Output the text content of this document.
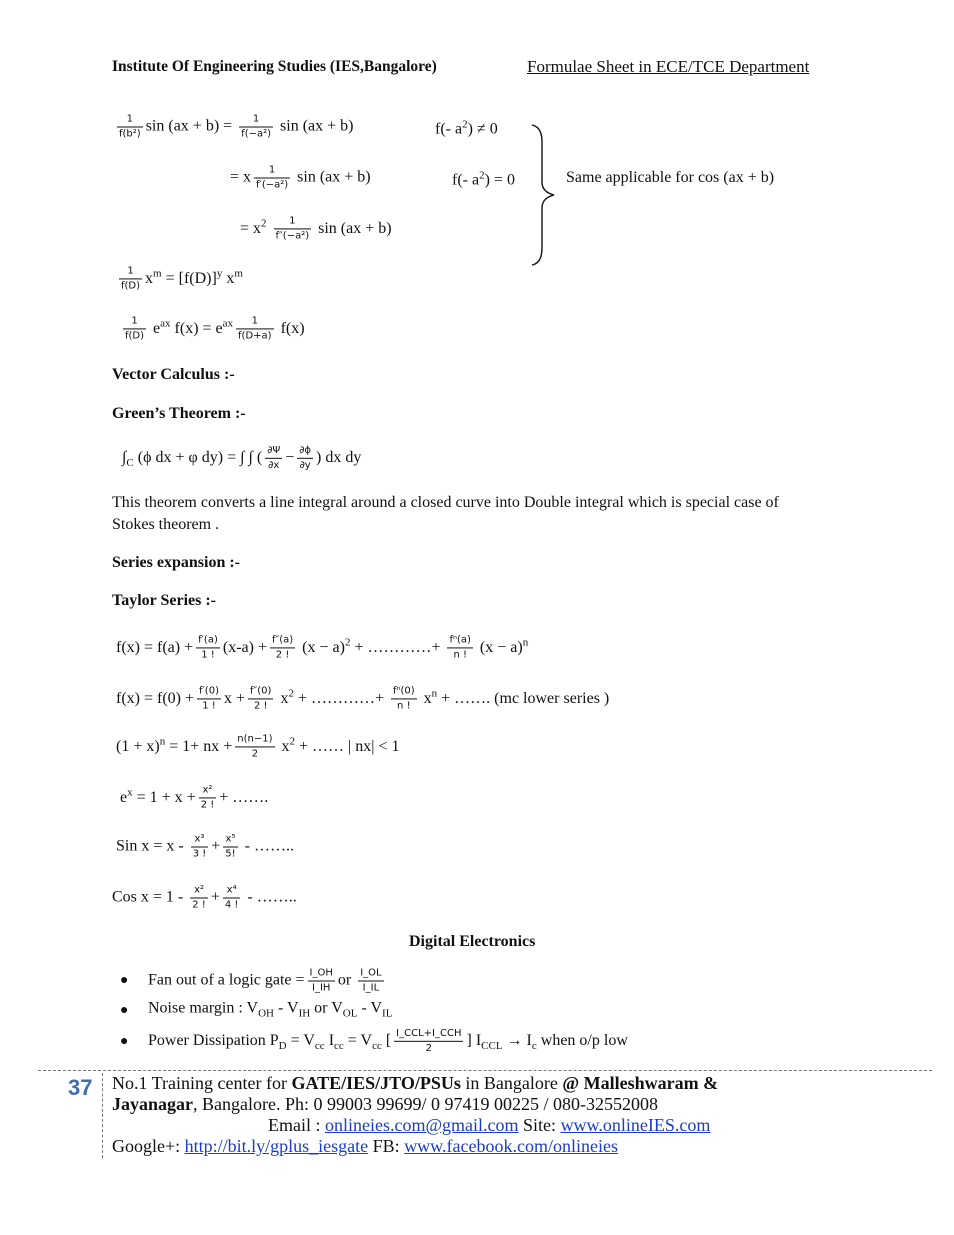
Institute Of Engineering Studies (IES,Bangalore)	Formulae Sheet in ECE/TCE Department
$\frac{1}{\text{f(b²)}}$ $\sin (ax + b) = \frac{1}{\text{f(−a²)}}$ sin (ax + b)	f(- $a^2) \ne 0$
= x $\frac{1}{\text{f′(−a²)}}$ sin (ax + b)	f(- $a^2) = 0$
= $x^2 \frac{1}{\text{f″(−a²)}}$ sin (ax + b)
Same applicable for cos (ax + b)
$\frac{1}{f(D)} x^m = [f(D)]^y$ $x^m$
$\frac{1}{f(D)} e^{ax}$ $f(x) = e^{ax} \frac{1}{f(D+a)} f(x)$
Vector Calculus :-
Green’s Theorem :-
$\int_C$ (ϕ dx + φ dy) = ∫ ∫ ( $\frac{\partial\Psi}{\partial x} - \frac{\partial\phi}{\partial y}$ ) dx dy
This theorem converts a line integral around a closed curve into Double integral which is special case of
Stokes theorem .
Series expansion :-
Taylor Series :-
$f(x) = f(a) + \frac{f'(a)}{1 !} (x-a) + \frac{f''(a)}{2 !} (x - a)^2$ + …………+ $\frac{\text{fⁿ(a)}}{n !} (x - a)^n$
$f(x) = f(0) + \frac{f'(0)}{1 !}$ $x + \frac{f''(0)}{2 !} x^2$ + …………+ $\frac{\text{fⁿ(0)}}{n !} x^n$ + ……. (mc lower series )
$(1 + x)^n = 1+$ nx + $\frac{n(n-1)}{2} x^2$ + …… | nx| < 1
$e^x = 1 + x + \frac{\text{x²}}{2 !}$ + …….
Sin $x = x - \frac{\text{x³}}{3 !} + \frac{\text{x⁵}}{5!}$ - ……..
Cos $x = 1 - \frac{\text{x²}}{2 !} + \frac{\text{x⁴}}{4 !}$ - ……..
Digital Electronics
● Fan out of a logic gate = $\frac{I\_OH}{I\_IH}$ or $\frac{I\_OL}{I\_IL}$
● Noise margin : $V_{OH} - V_{IH}$ or $V_{OL} - V_{IL}$
● Power Dissipation $P_D = V_{cc}$ $I_{cc} = V_{cc}$ [ $\frac{\text{I\_CCL+I\_CCH}}{2}$ ] $I_{CCL} \to I_c$ when o/p low
37 No.1 Training center for GATE/IES/JTO/PSUs in Bangalore @ Malleshwaram &
Jayanagar, Bangalore. Ph: 0 99003 99699/ 0 97419 00225 / 080-32552008
Email : onlineies.com@gmail.com Site: www.onlineIES.com
Google+: http://bit.ly/gplus_iesgate FB: www.facebook.com/onlineies
